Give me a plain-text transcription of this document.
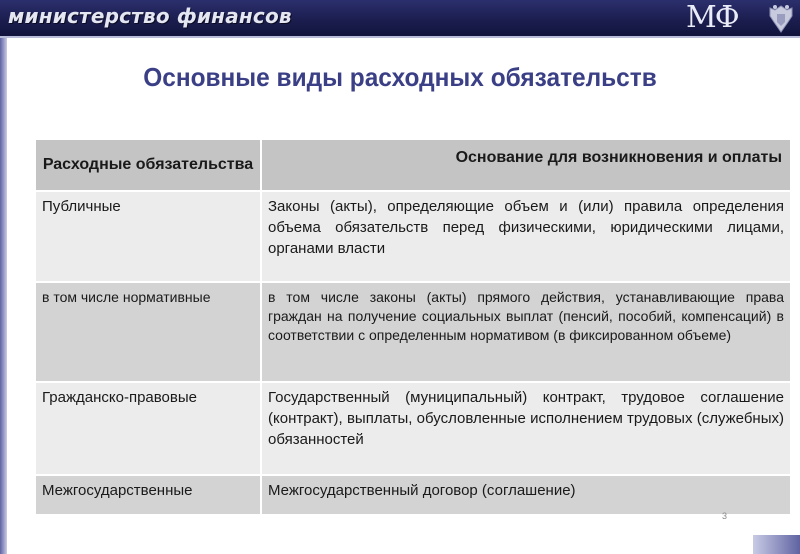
министерство финансов	МФ
Основные виды расходных обязательств
Расходные обязательства	Основание для возникновения и оплаты
Публичные	Законы (акты), определяющие объем и (или) правила определения объема обязательств перед физическими, юридическими лицами, органами власти
в том числе нормативные	в том числе законы (акты) прямого действия, устанавливающие права граждан на получение социальных выплат (пенсий, пособий, компенсаций) в соответствии с определенным нормативом (в фиксированном объеме)
Гражданско-правовые	Государственный (муниципальный) контракт, трудовое соглашение (контракт), выплаты, обусловленные исполнением трудовых (служебных) обязанностей
Межгосударственные	Межгосударственный договор (соглашение)
3
